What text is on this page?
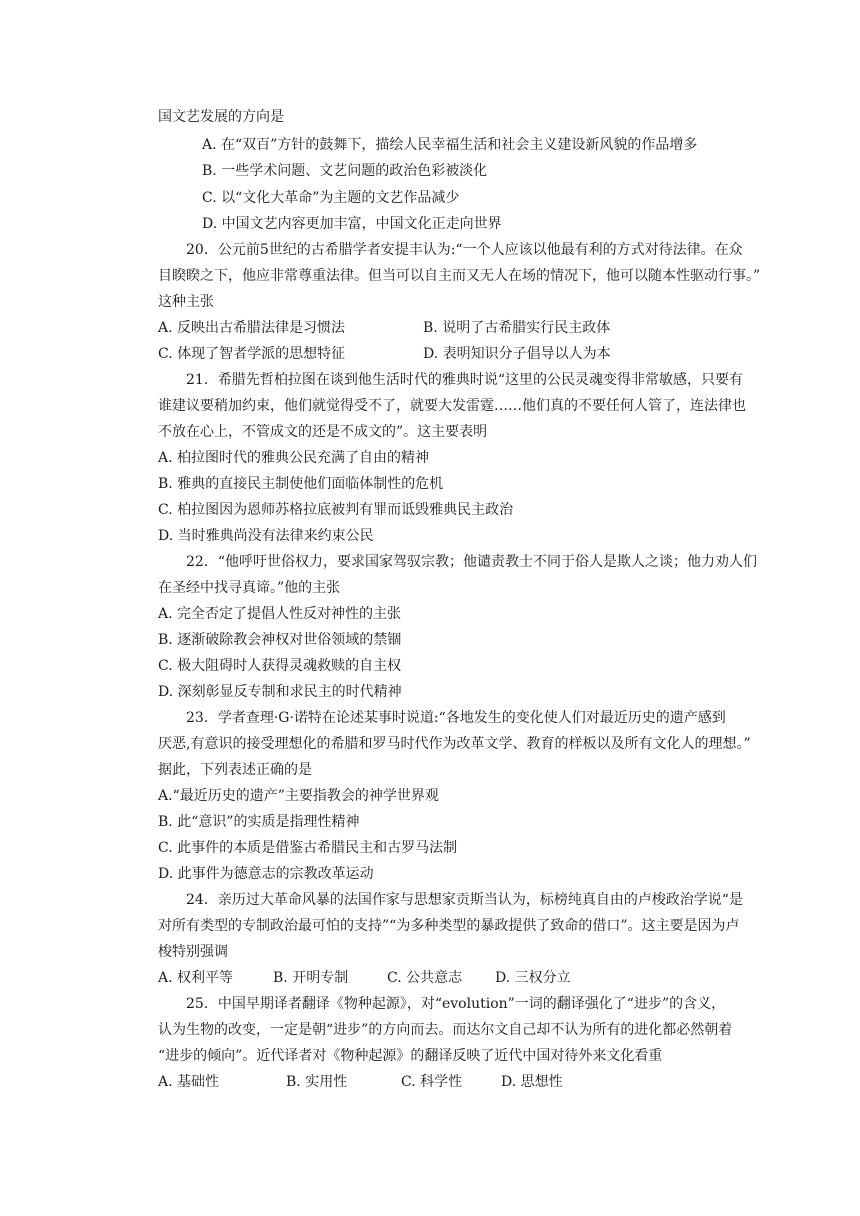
国文艺发展的方向是
A. 在“双百”方针的鼓舞下，描绘人民幸福生活和社会主义建设新风貌的作品增多
B. 一些学术问题、文艺问题的政治色彩被淡化
C. 以“文化大革命”为主题的文艺作品减少
D. 中国文艺内容更加丰富，中国文化正走向世界
20．公元前5世纪的古希腊学者安提丰认为:“一个人应该以他最有利的方式对待法律。在众
目睽睽之下，他应非常尊重法律。但当可以自主而又无人在场的情况下，他可以随本性驱动行事。”
这种主张
A. 反映出古希腊法律是习惯法	B. 说明了古希腊实行民主政体
C. 体现了智者学派的思想特征	D. 表明知识分子倡导以人为本
21．希腊先哲柏拉图在谈到他生活时代的雅典时说“这里的公民灵魂变得非常敏感，只要有
谁建议要稍加约束，他们就觉得受不了，就要大发雷霆……他们真的不要任何人管了，连法律也
不放在心上，不管成文的还是不成文的”。这主要表明
A. 柏拉图时代的雅典公民充满了自由的精神
B. 雅典的直接民主制使他们面临体制性的危机
C. 柏拉图因为恩师苏格拉底被判有罪而诋毁雅典民主政治
D. 当时雅典尚没有法律来约束公民
22．“他呼吁世俗权力，要求国家驾驭宗教；他谴责教士不同于俗人是欺人之谈；他力劝人们
在圣经中找寻真谛。”他的主张
A. 完全否定了提倡人性反对神性的主张
B. 逐渐破除教会神权对世俗领域的禁锢
C. 极大阻碍时人获得灵魂救赎的自主权
D. 深刻彰显反专制和求民主的时代精神
23．学者查理·G·诺特在论述某事时说道:“各地发生的变化使人们对最近历史的遗产感到
厌恶,有意识的接受理想化的希腊和罗马时代作为改革文学、教育的样板以及所有文化人的理想。”
据此，下列表述正确的是
A.“最近历史的遗产”主要指教会的神学世界观
B. 此“意识”的实质是指理性精神
C. 此事件的本质是借鉴古希腊民主和古罗马法制
D. 此事件为德意志的宗教改革运动
24．亲历过大革命风暴的法国作家与思想家贡斯当认为，标榜纯真自由的卢梭政治学说“是
对所有类型的专制政治最可怕的支持”“为多种类型的暴政提供了致命的借口”。这主要是因为卢
梭特别强调
A. 权利平等	B. 开明专制	C. 公共意志 D. 三权分立
25．中国早期译者翻译《物种起源》，对“evolution”一词的翻译强化了“进步”的含义，
认为生物的改变，一定是朝“进步”的方向而去。而达尔文自己却不认为所有的进化都必然朝着
“进步的倾向”。近代译者对《物种起源》的翻译反映了近代中国对待外来文化看重
A. 基础性	B. 实用性	C. 科学性	D. 思想性
